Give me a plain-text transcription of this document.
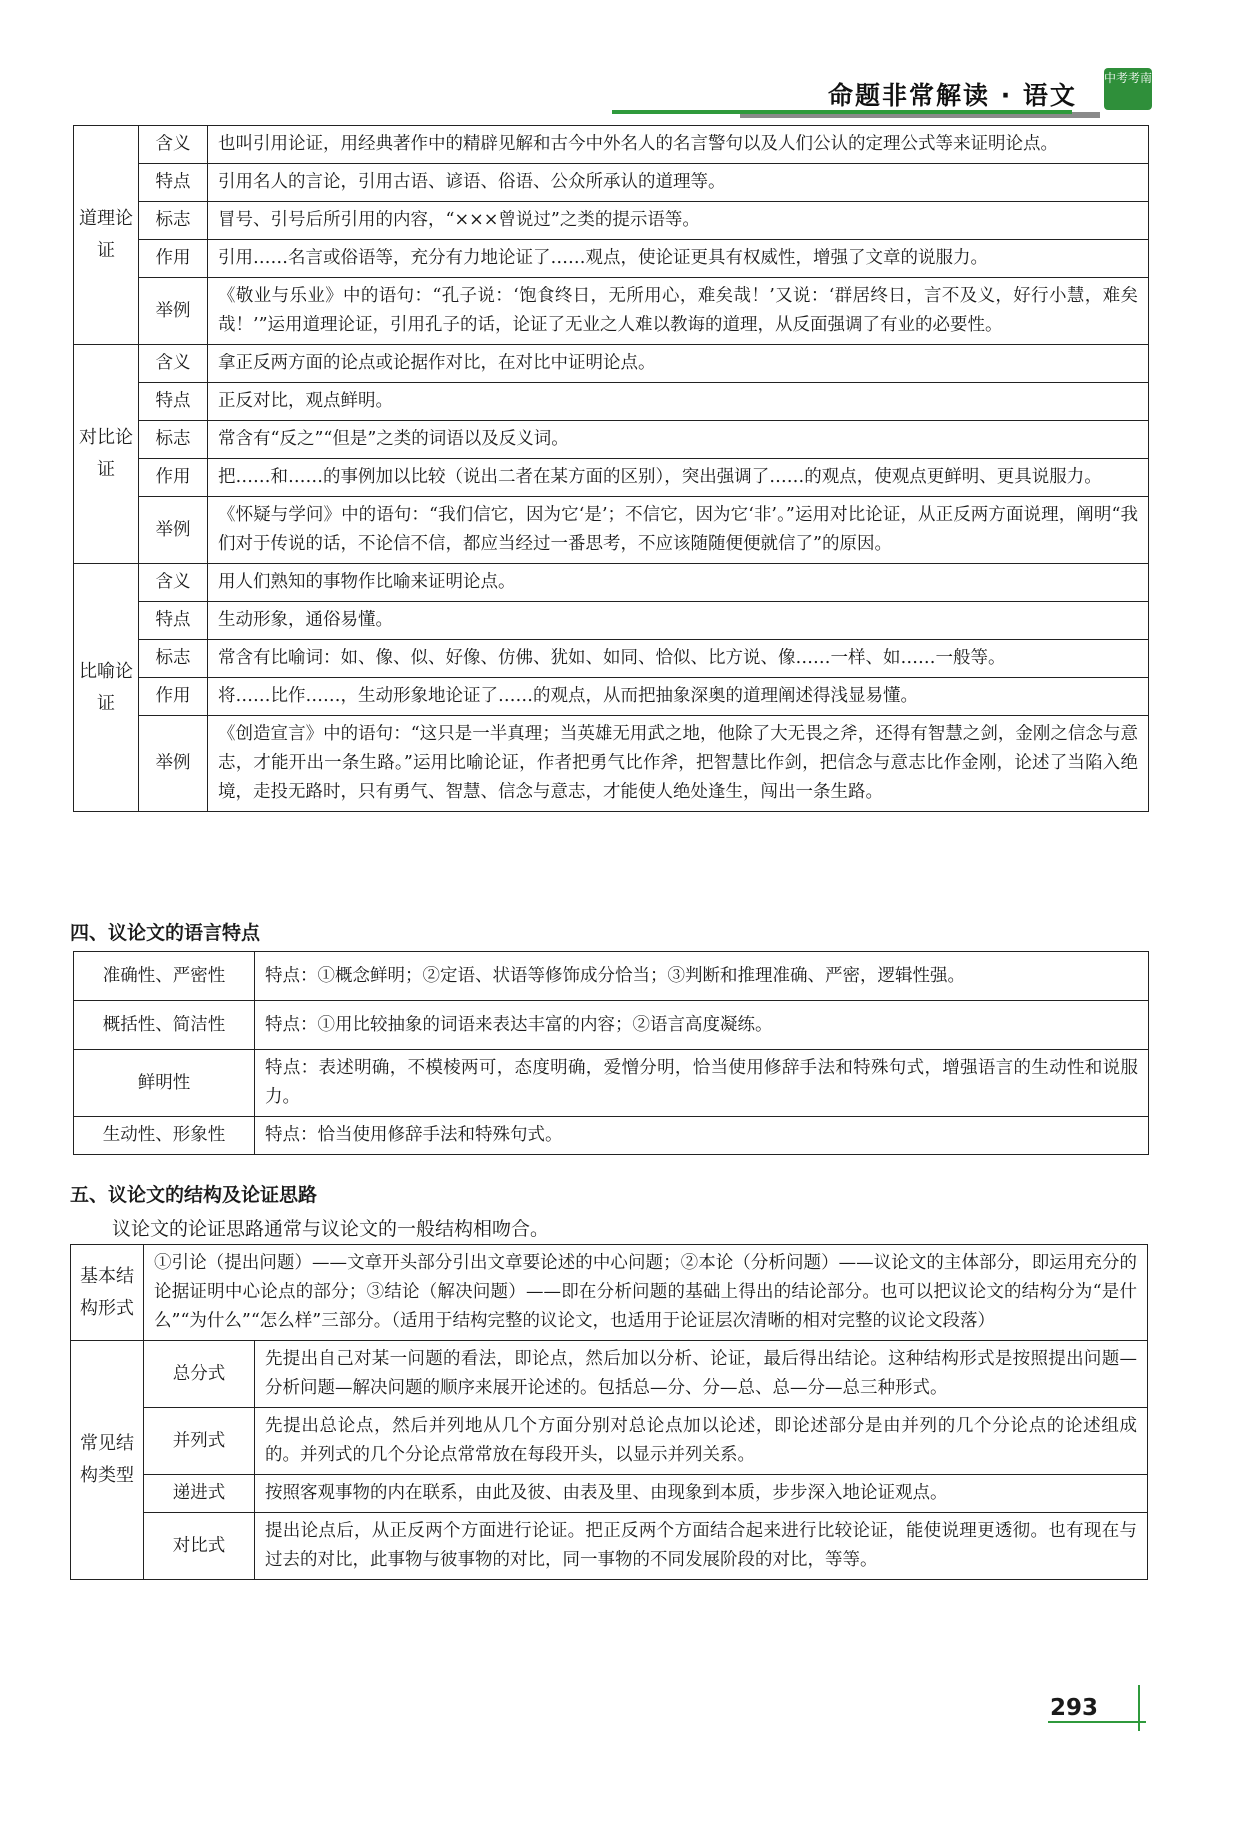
命题非常解读 · 语文
中考考南
道理论证	含义	也叫引用论证，用经典著作中的精辟见解和古今中外名人的名言警句以及人们公认的定理公式等来证明论点。
	特点	引用名人的言论，引用古语、谚语、俗语、公众所承认的道理等。
	标志	冒号、引号后所引用的内容，“×××曾说过”之类的提示语等。
	作用	引用……名言或俗语等，充分有力地论证了……观点，使论证更具有权威性，增强了文章的说服力。
	举例	《敬业与乐业》中的语句：“孔子说：‘饱食终日，无所用心，难矣哉！’又说：‘群居终日，言不及义，好行小慧，难矣哉！’”运用道理论证，引用孔子的话，论证了无业之人难以教诲的道理，从反面强调了有业的必要性。
对比论证	含义	拿正反两方面的论点或论据作对比，在对比中证明论点。
	特点	正反对比，观点鲜明。
	标志	常含有“反之”“但是”之类的词语以及反义词。
	作用	把……和……的事例加以比较（说出二者在某方面的区别），突出强调了……的观点，使观点更鲜明、更具说服力。
	举例	《怀疑与学问》中的语句：“我们信它，因为它‘是’；不信它，因为它‘非’。”运用对比论证，从正反两方面说理，阐明“我们对于传说的话，不论信不信，都应当经过一番思考，不应该随随便便就信了”的原因。
比喻论证	含义	用人们熟知的事物作比喻来证明论点。
	特点	生动形象，通俗易懂。
	标志	常含有比喻词：如、像、似、好像、仿佛、犹如、如同、恰似、比方说、像……一样、如……一般等。
	作用	将……比作……，生动形象地论证了……的观点，从而把抽象深奥的道理阐述得浅显易懂。
	举例	《创造宣言》中的语句：“这只是一半真理；当英雄无用武之地，他除了大无畏之斧，还得有智慧之剑，金刚之信念与意志，才能开出一条生路。”运用比喻论证，作者把勇气比作斧，把智慧比作剑，把信念与意志比作金刚，论述了当陷入绝境，走投无路时，只有勇气、智慧、信念与意志，才能使人绝处逢生，闯出一条生路。
四、议论文的语言特点
准确性、严密性	特点：①概念鲜明；②定语、状语等修饰成分恰当；③判断和推理准确、严密，逻辑性强。
概括性、简洁性	特点：①用比较抽象的词语来表达丰富的内容；②语言高度凝练。
鲜明性	特点：表述明确，不模棱两可，态度明确，爱憎分明，恰当使用修辞手法和特殊句式，增强语言的生动性和说服力。
生动性、形象性	特点：恰当使用修辞手法和特殊句式。
五、议论文的结构及论证思路
议论文的论证思路通常与议论文的一般结构相吻合。
基本结构形式	①引论（提出问题）——文章开头部分引出文章要论述的中心问题；②本论（分析问题）——议论文的主体部分，即运用充分的论据证明中心论点的部分；③结论（解决问题）——即在分析问题的基础上得出的结论部分。也可以把议论文的结构分为“是什么”“为什么”“怎么样”三部分。（适用于结构完整的议论文，也适用于论证层次清晰的相对完整的议论文段落）	
常见结构类型	总分式	先提出自己对某一问题的看法，即论点，然后加以分析、论证，最后得出结论。这种结构形式是按照提出问题—分析问题—解决问题的顺序来展开论述的。包括总—分、分—总、总—分—总三种形式。
	并列式	先提出总论点，然后并列地从几个方面分别对总论点加以论述，即论述部分是由并列的几个分论点的论述组成的。并列式的几个分论点常常放在每段开头，以显示并列关系。
	递进式	按照客观事物的内在联系，由此及彼、由表及里、由现象到本质，步步深入地论证观点。
	对比式	提出论点后，从正反两个方面进行论证。把正反两个方面结合起来进行比较论证，能使说理更透彻。也有现在与过去的对比，此事物与彼事物的对比，同一事物的不同发展阶段的对比，等等。
293
